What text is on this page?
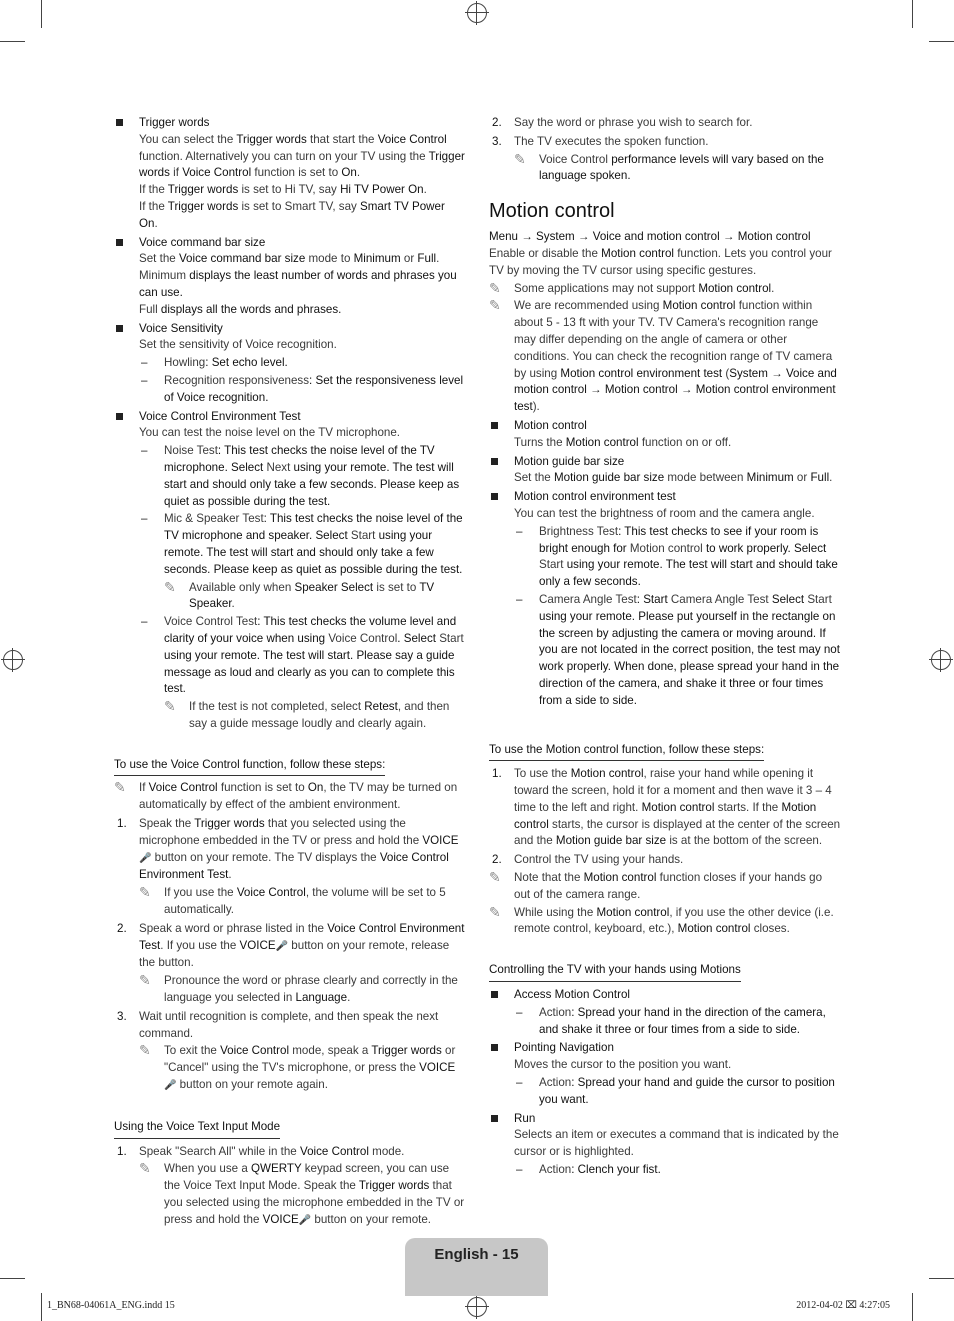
Trigger words
You can select the Trigger words that start the Voice Control function. Alternatively you can turn on your TV using the Trigger words if Voice Control function is set to On.
If the Trigger words is set to Hi TV, say Hi TV Power On.
If the Trigger words is set to Smart TV, say Smart TV Power On.
Voice command bar size
Set the Voice command bar size mode to Minimum or Full.
Minimum displays the least number of words and phrases you can use.
Full displays all the words and phrases.
Voice Sensitivity
Set the sensitivity of Voice recognition.
– Howling: Set echo level.
– Recognition responsiveness: Set the responsiveness level of Voice recognition.
Voice Control Environment Test
You can test the noise level on the TV microphone.
– Noise Test: This test checks the noise level of the TV microphone. Select Next using your remote. The test will start and should only take a few seconds. Please keep as quiet as possible during the test.
– Mic & Speaker Test: This test checks the noise level of the TV microphone and speaker. Select Start using your remote. The test will start and should only take a few seconds. Please keep as quiet as possible during the test.
✎ Available only when Speaker Select is set to TV Speaker.
– Voice Control Test: This test checks the volume level and clarity of your voice when using Voice Control. Select Start using your remote. The test will start. Please say a guide message as loud and clearly as you can to complete this test.
✎ If the test is not completed, select Retest, and then say a guide message loudly and clearly again.
To use the Voice Control function, follow these steps:
✎ If Voice Control function is set to On, the TV may be turned on automatically by effect of the ambient environment.
1. Speak the Trigger words that you selected using the microphone embedded in the TV or press and hold the VOICE🎤 button on your remote. The TV displays the Voice Control Environment Test.
✎ If you use the Voice Control, the volume will be set to 5 automatically.
2. Speak a word or phrase listed in the Voice Control Environment Test. If you use the VOICE🎤 button on your remote, release the button.
✎ Pronounce the word or phrase clearly and correctly in the language you selected in Language.
3. Wait until recognition is complete, and then speak the next command.
✎ To exit the Voice Control mode, speak a Trigger words or "Cancel" using the TV's microphone, or press the VOICE🎤 button on your remote again.
Using the Voice Text Input Mode
1. Speak "Search All" while in the Voice Control mode.
✎ When you use a QWERTY keypad screen, you can use the Voice Text Input Mode. Speak the Trigger words that you selected using the microphone embedded in the TV or press and hold the VOICE🎤 button on your remote.
2. Say the word or phrase you wish to search for.
3. The TV executes the spoken function.
✎ Voice Control performance levels will vary based on the language spoken.
Motion control
Menu → System → Voice and motion control → Motion control
Enable or disable the Motion control function. Lets you control your TV by moving the TV cursor using specific gestures.
✎ Some applications may not support Motion control.
✎ We are recommended using Motion control function within about 5 - 13 ft with your TV. TV Camera's recognition range may differ depending on the angle of camera or other conditions. You can check the recognition range of TV camera by using Motion control environment test (System → Voice and motion control → Motion control → Motion control environment test).
Motion control
Turns the Motion control function on or off.
Motion guide bar size
Set the Motion guide bar size mode between Minimum or Full.
Motion control environment test
You can test the brightness of room and the camera angle.
– Brightness Test: This test checks to see if your room is bright enough for Motion control to work properly. Select Start using your remote. The test will start and should take only a few seconds.
– Camera Angle Test: Start Camera Angle Test Select Start using your remote. Please put yourself in the rectangle on the screen by adjusting the camera or moving around. If you are not located in the correct position, the test may not work properly. When done, please spread your hand in the direction of the camera, and shake it three or four times from a side to side.
To use the Motion control function, follow these steps:
1. To use the Motion control, raise your hand while opening it toward the screen, hold it for a moment and then wave it 3 – 4 time to the left and right. Motion control starts. If the Motion control starts, the cursor is displayed at the center of the screen and the Motion guide bar size is at the bottom of the screen.
2. Control the TV using your hands.
✎ Note that the Motion control function closes if your hands go out of the camera range.
✎ While using the Motion control, if you use the other device (i.e. remote control, keyboard, etc.), Motion control closes.
Controlling the TV with your hands using Motions
Access Motion Control
– Action: Spread your hand in the direction of the camera, and shake it three or four times from a side to side.
Pointing Navigation
Moves the cursor to the position you want.
– Action: Spread your hand and guide the cursor to position you want.
Run
Selects an item or executes a command that is indicated by the cursor or is highlighted.
– Action: Clench your fist.
English - 15
1_BN68-04061A_ENG.indd 15	2012-04-02 ⌧ 4:27:05
